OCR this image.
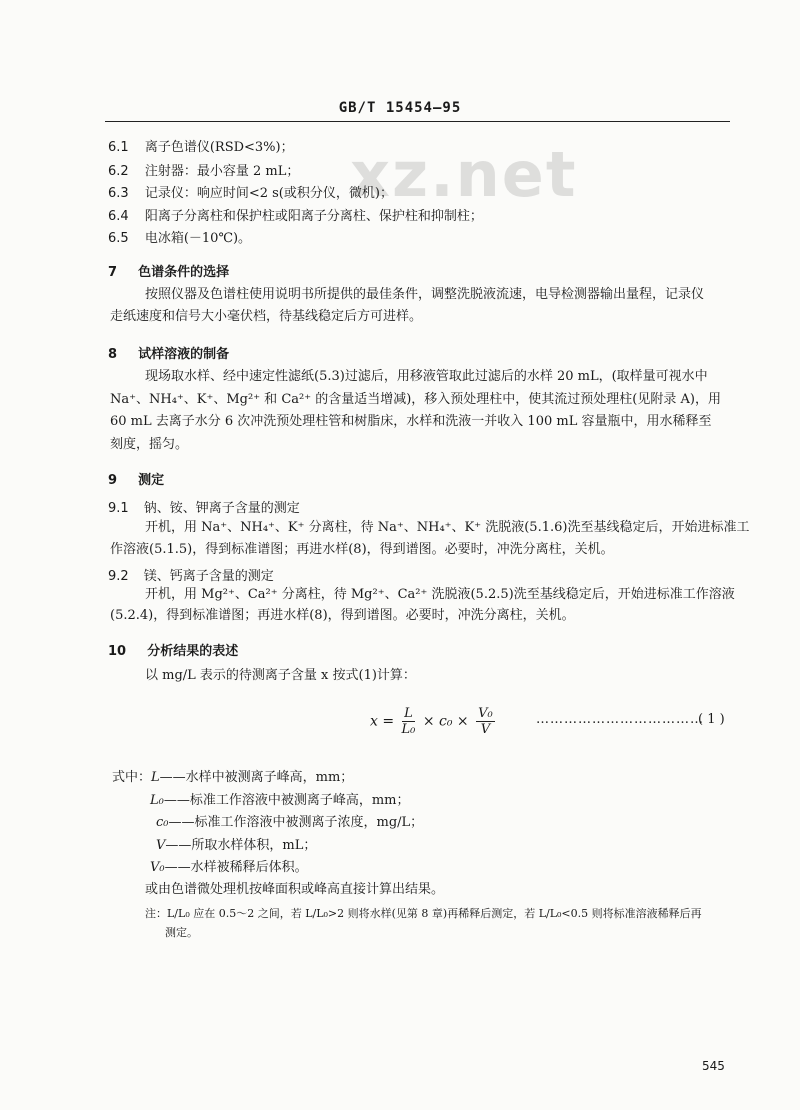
GB/T 15454—95
xz.net
6.1 离子色谱仪(RSD<3%)；
6.2 注射器：最小容量 2 mL；
6.3 记录仪：响应时间<2 s(或积分仪，微机)；
6.4 阳离子分离柱和保护柱或阳离子分离柱、保护柱和抑制柱；
6.5 电冰箱(－10℃)。
7 色谱条件的选择
按照仪器及色谱柱使用说明书所提供的最佳条件，调整洗脱液流速，电导检测器输出量程，记录仪
走纸速度和信号大小毫伏档，待基线稳定后方可进样。
8 试样溶液的制备
现场取水样、经中速定性滤纸(5.3)过滤后，用移液管取此过滤后的水样 20 mL，(取样量可视水中
Na⁺、NH₄⁺、K⁺、Mg²⁺ 和 Ca²⁺ 的含量适当增减)，移入预处理柱中，使其流过预处理柱(见附录 A)，用
60 mL 去离子水分 6 次冲洗预处理柱管和树脂床，水样和洗液一并收入 100 mL 容量瓶中，用水稀释至
刻度，摇匀。
9 测定
9.1 钠、铵、钾离子含量的测定
开机，用 Na⁺、NH₄⁺、K⁺ 分离柱，待 Na⁺、NH₄⁺、K⁺ 洗脱液(5.1.6)洗至基线稳定后，开始进标准工
作溶液(5.1.5)，得到标准谱图；再进水样(8)，得到谱图。必要时，冲洗分离柱，关机。
9.2 镁、钙离子含量的测定
开机，用 Mg²⁺、Ca²⁺ 分离柱，待 Mg²⁺、Ca²⁺ 洗脱液(5.2.5)洗至基线稳定后，开始进标准工作溶液
(5.2.4)，得到标准谱图；再进水样(8)，得到谱图。必要时，冲洗分离柱，关机。
10 分析结果的表述
以 mg/L 表示的待测离子含量 x 按式(1)计算：
$x = \frac{L}{\text{L₀}} \times c_0 \times \frac{\text{V₀}}{V}$	………………………………
( 1 )
式中：L——水样中被测离子峰高，mm；
L₀——标准工作溶液中被测离子峰高，mm；
c₀——标准工作溶液中被测离子浓度，mg/L；
V——所取水样体积，mL；
V₀——水样被稀释后体积。
或由色谱微处理机按峰面积或峰高直接计算出结果。
注：L/L₀ 应在 0.5～2 之间，若 L/L₀>2 则将水样(见第 8 章)再稀释后测定，若 L/L₀<0.5 则将标准溶液稀释后再
测定。
545
